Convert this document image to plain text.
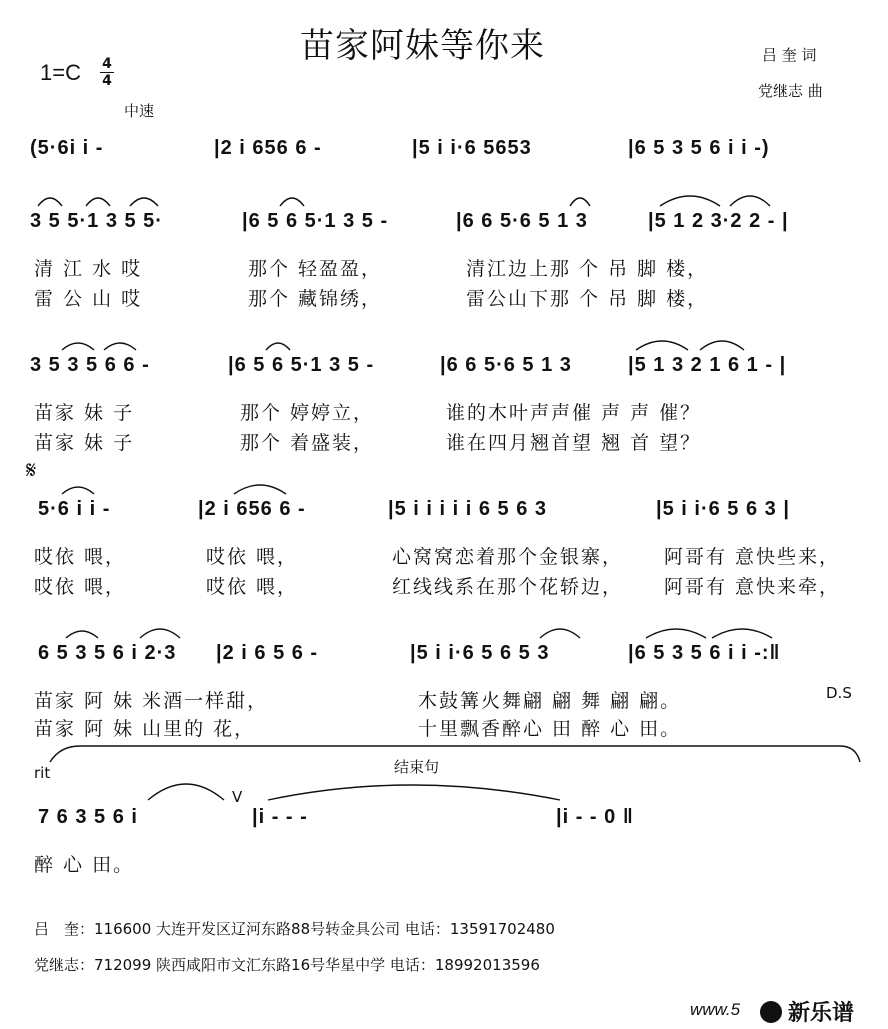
苗家阿妹等你来	吕 奎 词
党继志 曲
1=C 4
4
中速
(5·6i i -	|2 i 656 6 -	|5 i i·6 5653	|6 5 3 5 6 i i -)
3 5 5·1 3 5 5·	|6 5 6 5·1 3 5 -	|6 6 5·6 5 1 3	|5 1 2 3·2 2 - |
清 江 水 哎	那个 轻盈盈，	清江边上那 个 吊 脚 楼，
雷 公 山 哎	那个 藏锦绣，	雷公山下那 个 吊 脚 楼，
3 5 3 5 6 6 -	|6 5 6 5·1 3 5 -	|6 6 5·6 5 1 3	|5 1 3 2 1 6 1 - |
苗家 妹 子	那个 婷婷立，	谁的木叶声声催 声 声 催？
苗家 妹 子	那个 着盛装，	谁在四月翘首望 翘 首 望？
𝄋
5·6 i i -	|2 i 656 6 -	|5 i i i i i 6 5 6 3	|5 i i·6 5 6 3 |
哎依 喂，	哎依 喂，	心窝窝恋着那个金银寨， 阿哥有 意快些来，
哎依 喂，	哎依 喂，	红线线系在那个花轿边， 阿哥有 意快来牵，
6 5 3 5 6 i 2·3 |2 i 6 5 6 -	|5 i i·6 5 6 5 3	|6 5 3 5 6 i i -:‖
D.S
苗家 阿 妹 米酒一样甜，	木鼓篝火舞翩 翩 舞 翩 翩。
苗家 阿 妹 山里的 花，	十里飘香醉心 田 醉 心 田。
rit	结束句
V
7 6 3 5 6 i	|i - - -	|i - - 0 ‖
醉 心 田。
吕　奎：116600 大连开发区辽河东路88号转金具公司 电话：13591702480
党继志：712099 陕西咸阳市文汇东路16号华星中学 电话：18992013596
www.5 新乐谱
